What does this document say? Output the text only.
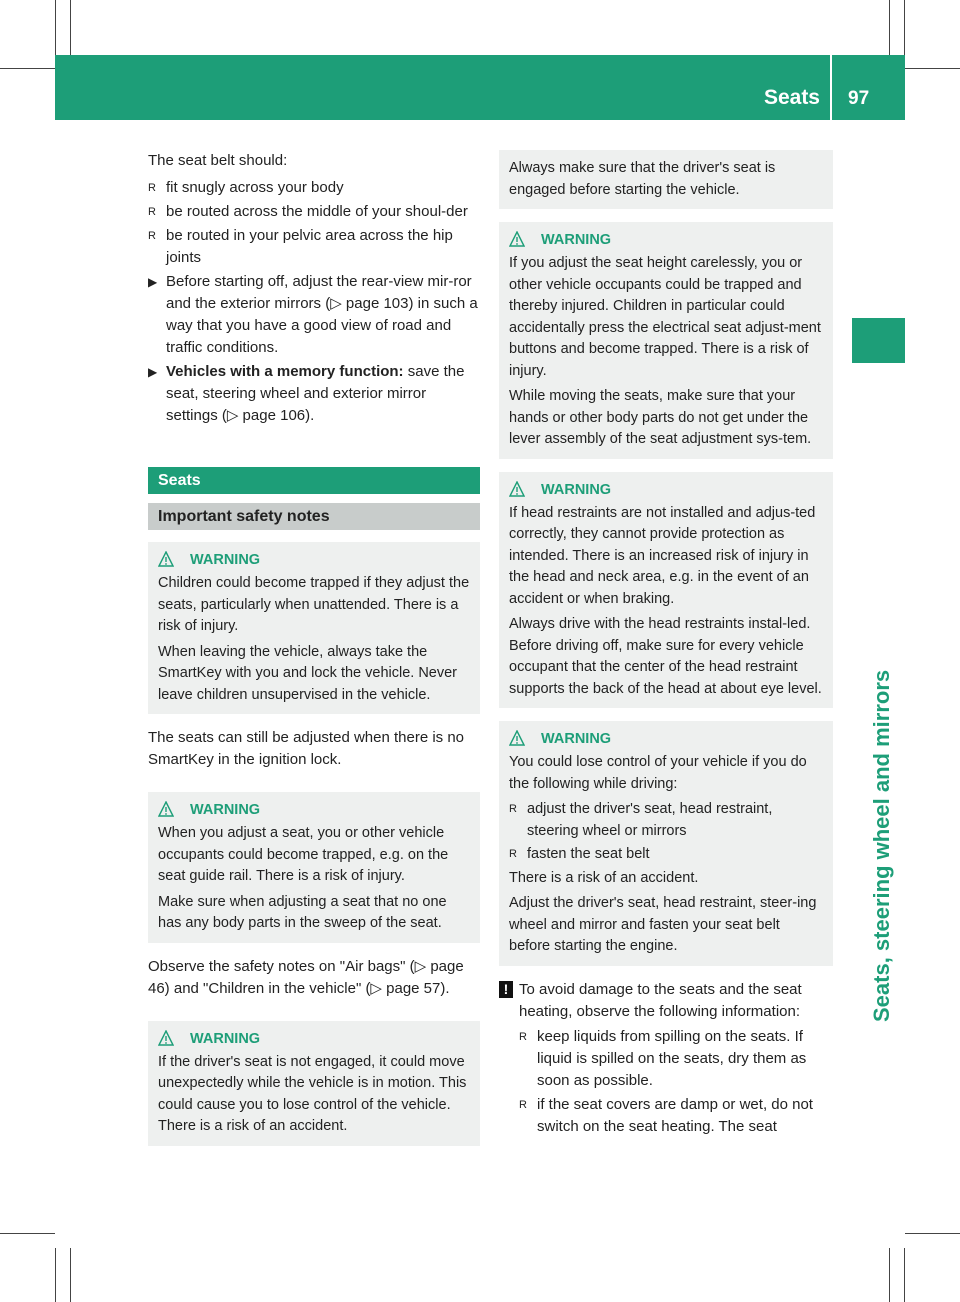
Seats 97
Seats, steering wheel and mirrors

The seat belt should:

R fit snugly across your body
R be routed across the middle of your shoul-der
R be routed in your pelvic area across the hip joints
▶ Before starting off, adjust the rear-view mir-ror and the exterior mirrors (▷ page 103) in such a way that you have a good view of road and traffic conditions.
▶ Vehicles with a memory function: save the seat, steering wheel and exterior mirror settings (▷ page 106).
Seats
Important safety notes
WARNING

Children could become trapped if they adjust the seats, particularly when unattended. There is a risk of injury.

When leaving the vehicle, always take the SmartKey with you and lock the vehicle. Never leave children unsupervised in the vehicle.

The seats can still be adjusted when there is no SmartKey in the ignition lock.

WARNING

When you adjust a seat, you or other vehicle occupants could become trapped, e.g. on the seat guide rail. There is a risk of injury.

Make sure when adjusting a seat that no one has any body parts in the sweep of the seat.

Observe the safety notes on "Air bags" (▷ page 46) and "Children in the vehicle" (▷ page 57).

WARNING

If the driver's seat is not engaged, it could move unexpectedly while the vehicle is in motion. This could cause you to lose control of the vehicle. There is a risk of an accident.

Always make sure that the driver's seat is engaged before starting the vehicle.

WARNING

If you adjust the seat height carelessly, you or other vehicle occupants could be trapped and thereby injured. Children in particular could accidentally press the electrical seat adjust-ment buttons and become trapped. There is a risk of injury.

While moving the seats, make sure that your hands or other body parts do not get under the lever assembly of the seat adjustment sys-tem.

WARNING

If head restraints are not installed and adjus-ted correctly, they cannot provide protection as intended. There is an increased risk of injury in the head and neck area, e.g. in the event of an accident or when braking.

Always drive with the head restraints instal-led. Before driving off, make sure for every vehicle occupant that the center of the head restraint supports the back of the head at about eye level.

WARNING

You could lose control of your vehicle if you do the following while driving:

R adjust the driver's seat, head restraint, steering wheel or mirrors
R fasten the seat belt

There is a risk of an accident.

Adjust the driver's seat, head restraint, steer-ing wheel and mirror and fasten your seat belt before starting the engine.

! To avoid damage to the seats and the seat heating, observe the following information:
R keep liquids from spilling on the seats. If liquid is spilled on the seats, dry them as soon as possible.
R if the seat covers are damp or wet, do not switch on the seat heating. The seat
